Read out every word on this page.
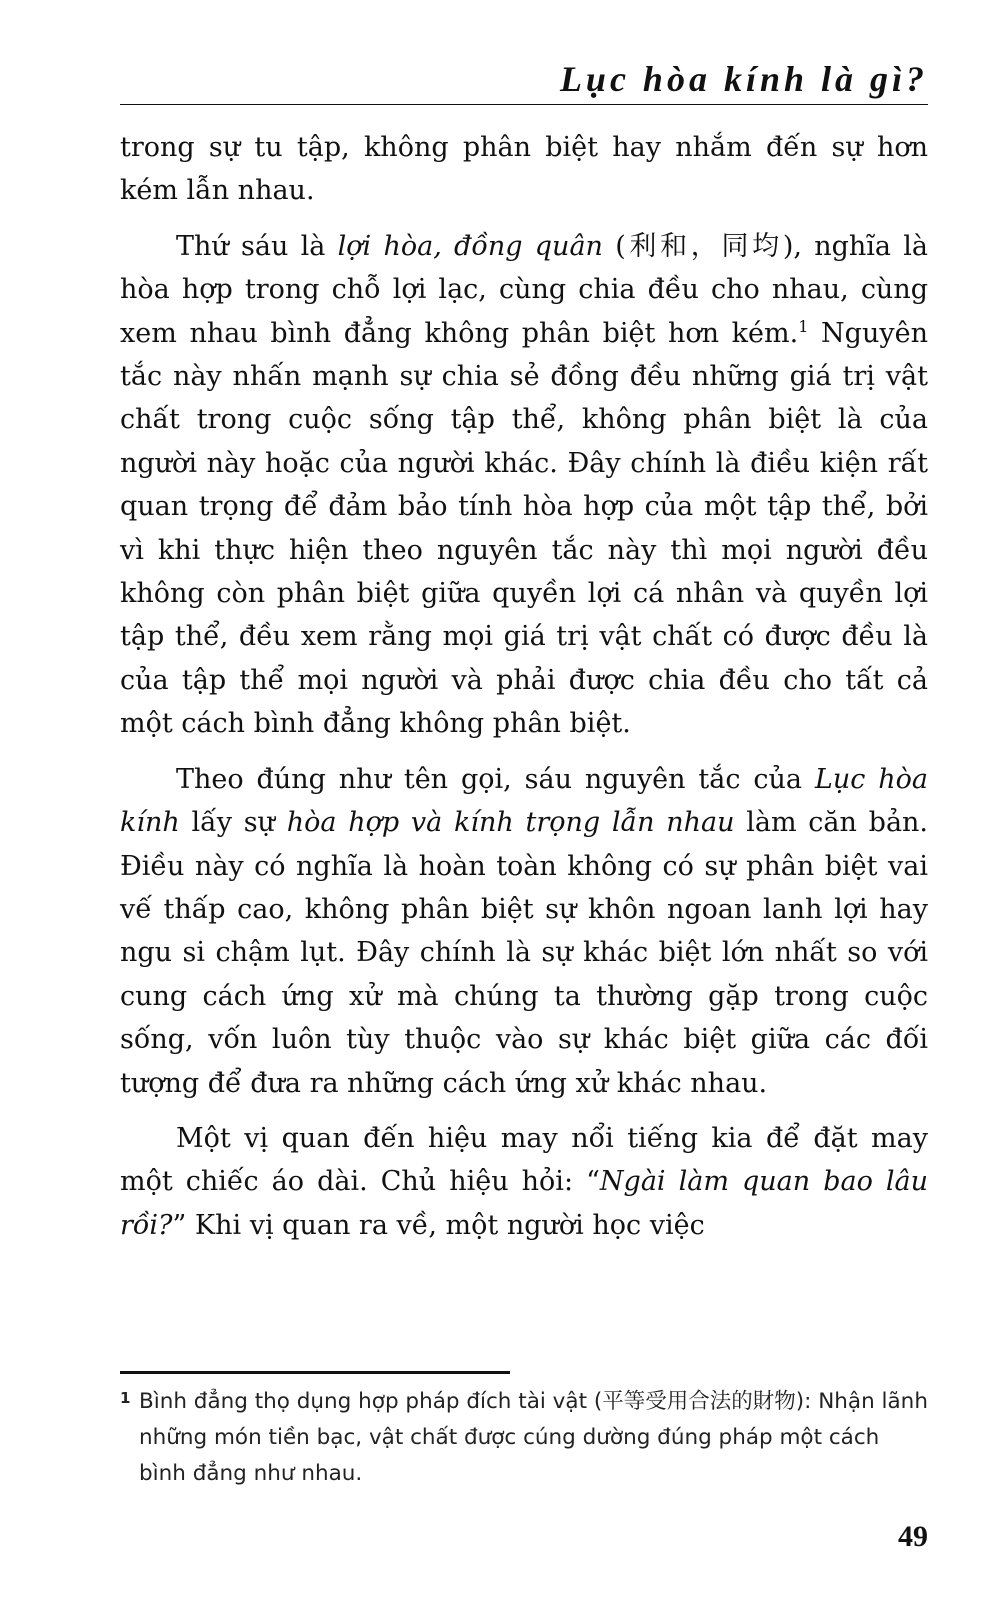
Lục hòa kính là gì?

trong sự tu tập, không phân biệt hay nhắm đến sự hơn kém lẫn nhau.

Thứ sáu là lợi hòa, đồng quân (利和，同均), nghĩa là hòa hợp trong chỗ lợi lạc, cùng chia đều cho nhau, cùng xem nhau bình đẳng không phân biệt hơn kém.$^1$ Nguyên tắc này nhấn mạnh sự chia sẻ đồng đều những giá trị vật chất trong cuộc sống tập thể, không phân biệt là của người này hoặc của người khác. Đây chính là điều kiện rất quan trọng để đảm bảo tính hòa hợp của một tập thể, bởi vì khi thực hiện theo nguyên tắc này thì mọi người đều không còn phân biệt giữa quyền lợi cá nhân và quyền lợi tập thể, đều xem rằng mọi giá trị vật chất có được đều là của tập thể mọi người và phải được chia đều cho tất cả một cách bình đẳng không phân biệt.

Theo đúng như tên gọi, sáu nguyên tắc của Lục hòa kính lấy sự hòa hợp và kính trọng lẫn nhau làm căn bản. Điều này có nghĩa là hoàn toàn không có sự phân biệt vai vế thấp cao, không phân biệt sự khôn ngoan lanh lợi hay ngu si chậm lụt. Đây chính là sự khác biệt lớn nhất so với cung cách ứng xử mà chúng ta thường gặp trong cuộc sống, vốn luôn tùy thuộc vào sự khác biệt giữa các đối tượng để đưa ra những cách ứng xử khác nhau.

Một vị quan đến hiệu may nổi tiếng kia để đặt may một chiếc áo dài. Chủ hiệu hỏi: “Ngài làm quan bao lâu rồi?” Khi vị quan ra về, một người học việc

1 Bình đẳng thọ dụng hợp pháp đích tài vật (平等受用合法的財物): Nhận lãnh những món tiền bạc, vật chất được cúng dường đúng pháp một cách bình đẳng như nhau.
49
